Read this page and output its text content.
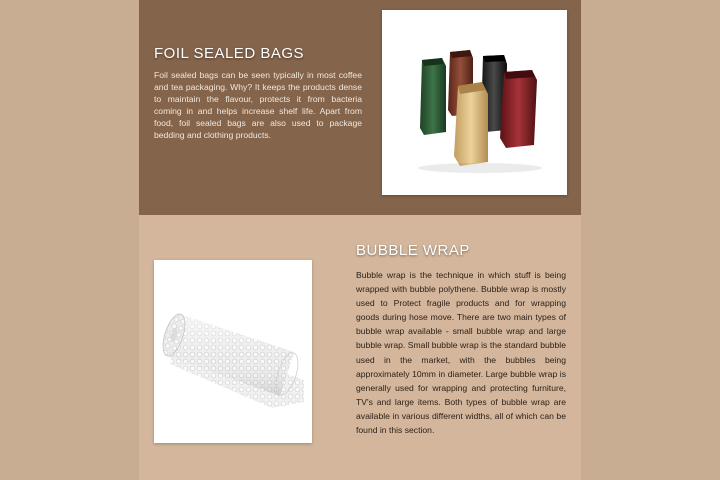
FOIL SEALED BAGS

Foil sealed bags can be seen typically in most coffee and tea packaging. Why? It keeps the products dense to maintain the flavour, protects it from bacteria coming in and helps increase shelf life. Apart from food, foil sealed bags are also used to package bedding and clothing products.

BUBBLE WRAP

Bubble wrap is the technique in which stuff is being wrapped with bubble polythene. Bubble wrap is mostly used to Protect fragile products and for wrapping goods during hose move. There are two main types of bubble wrap available - small bubble wrap and large bubble wrap. Small bubble wrap is the standard bubble used in the market, with the bubbles being approximately 10mm in diameter. Large bubble wrap is generally used for wrapping and protecting furniture, TV's and large items. Both types of bubble wrap are available in various different widths, all of which can be found in this section.
